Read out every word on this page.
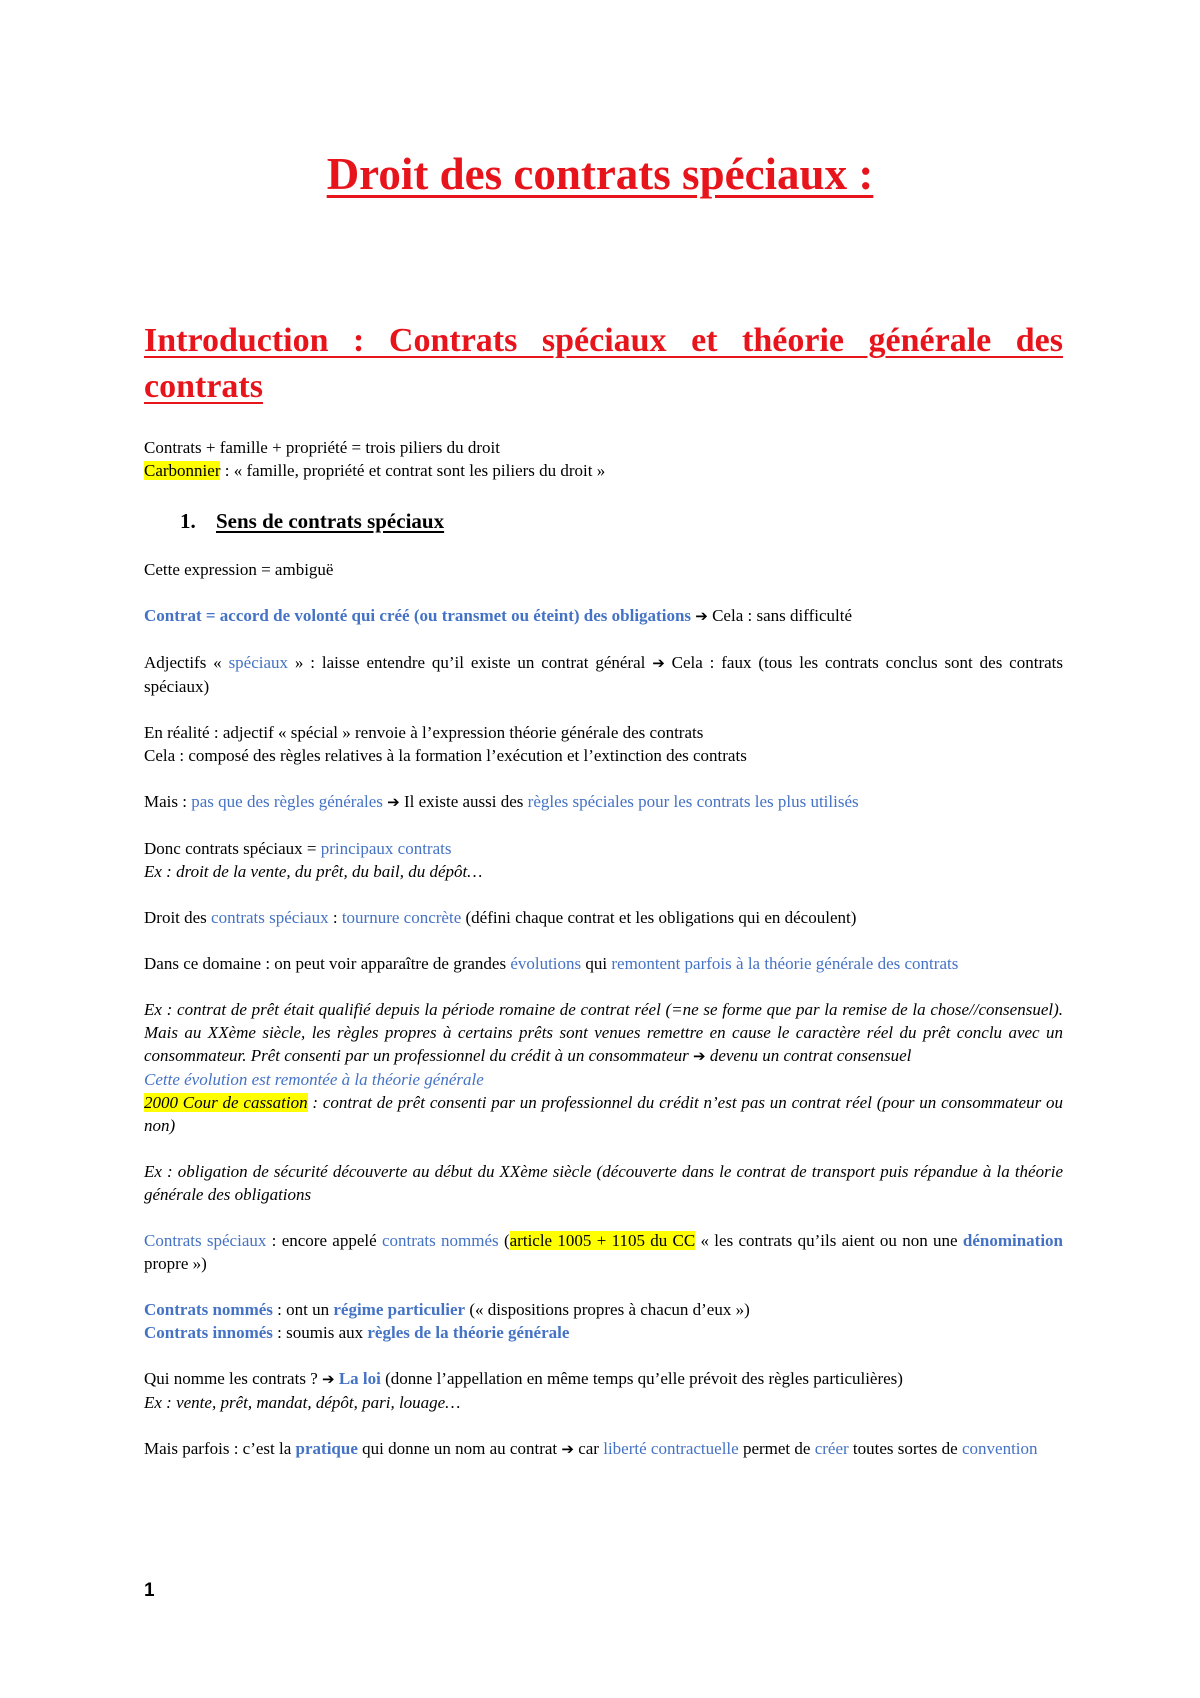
Droit des contrats spéciaux :
Introduction : Contrats spéciaux et théorie générale des contrats

Contrats + famille + propriété = trois piliers du droit
Carbonnier : « famille, propriété et contrat sont les piliers du droit »

1. Sens de contrats spéciaux

Cette expression = ambiguë

Contrat = accord de volonté qui créé (ou transmet ou éteint) des obligations ➔ Cela : sans difficulté

Adjectifs « spéciaux » : laisse entendre qu’il existe un contrat général ➔ Cela : faux (tous les contrats conclus sont des contrats spéciaux)

En réalité : adjectif « spécial » renvoie à l’expression théorie générale des contrats
Cela : composé des règles relatives à la formation l’exécution et l’extinction des contrats

Mais : pas que des règles générales ➔ Il existe aussi des règles spéciales pour les contrats les plus utilisés

Donc contrats spéciaux = principaux contrats
Ex : droit de la vente, du prêt, du bail, du dépôt…

Droit des contrats spéciaux : tournure concrète (défini chaque contrat et les obligations qui en découlent)

Dans ce domaine : on peut voir apparaître de grandes évolutions qui remontent parfois à la théorie générale des contrats

Ex : contrat de prêt était qualifié depuis la période romaine de contrat réel (=ne se forme que par la remise de la chose//consensuel). Mais au XXème siècle, les règles propres à certains prêts sont venues remettre en cause le caractère réel du prêt conclu avec un consommateur. Prêt consenti par un professionnel du crédit à un consommateur ➔ devenu un contrat consensuel
Cette évolution est remontée à la théorie générale
2000 Cour de cassation : contrat de prêt consenti par un professionnel du crédit n’est pas un contrat réel (pour un consommateur ou non)

Ex : obligation de sécurité découverte au début du XXème siècle (découverte dans le contrat de transport puis répandue à la théorie générale des obligations

Contrats spéciaux : encore appelé contrats nommés (article 1005 + 1105 du CC « les contrats qu’ils aient ou non une dénomination propre »)

Contrats nommés : ont un régime particulier (« dispositions propres à chacun d’eux »)
Contrats innomés : soumis aux règles de la théorie générale

Qui nomme les contrats ? ➔ La loi (donne l’appellation en même temps qu’elle prévoit des règles particulières)
Ex : vente, prêt, mandat, dépôt, pari, louage…

Mais parfois : c’est la pratique qui donne un nom au contrat ➔ car liberté contractuelle permet de créer toutes sortes de convention

1
